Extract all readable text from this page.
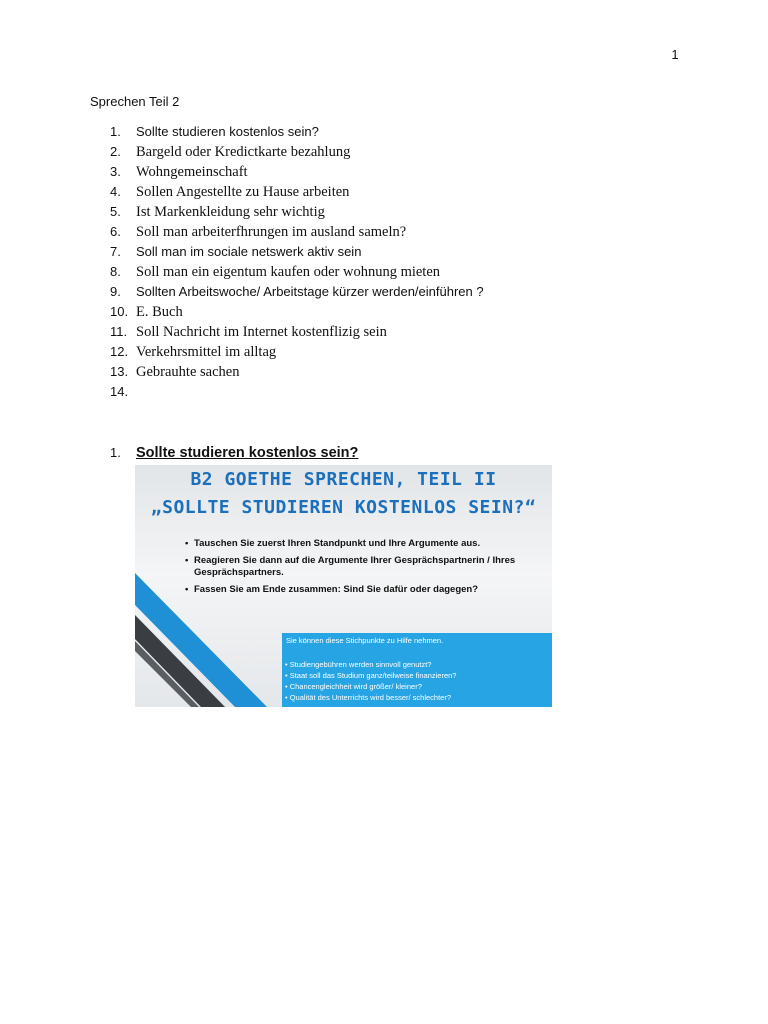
1
Sprechen Teil 2
1. Sollte studieren kostenlos sein?
2. Bargeld oder Kredictkarte bezahlung
3. Wohngemeinschaft
4. Sollen Angestellte zu Hause arbeiten
5. Ist Markenkleidung sehr wichtig
6. Soll man arbeiterfhrungen im ausland sameln?
7. Soll man im sociale netswerk aktiv sein
8. Soll man ein eigentum kaufen oder wohnung mieten
9. Sollten Arbeitswoche/ Arbeitstage kürzer werden/einführen ?
10. E. Buch
11. Soll Nachricht im Internet kostenflizig sein
12. Verkehrsmittel im alltag
13. Gebrauhte sachen
14.
1. Sollte studieren kostenlos sein?
B2 GOETHE SPRECHEN, TEIL II
„SOLLTE STUDIEREN KOSTENLOS SEIN?“
• Tauschen Sie zuerst Ihren Standpunkt und Ihre Argumente aus.
• Reagieren Sie dann auf die Argumente Ihrer Gesprächspartnerin / Ihres Gesprächspartners.
• Fassen Sie am Ende zusammen: Sind Sie dafür oder dagegen?
Sie können diese Stichpunkte zu Hilfe nehmen.
• Studiengebühren werden sinnvoll genutzt?
• Staat soll das Studium ganz/teilweise finanzieren?
• Chancengleichheit wird größer/ kleiner?
• Qualität des Unterrichts wird besser/ schlechter?
